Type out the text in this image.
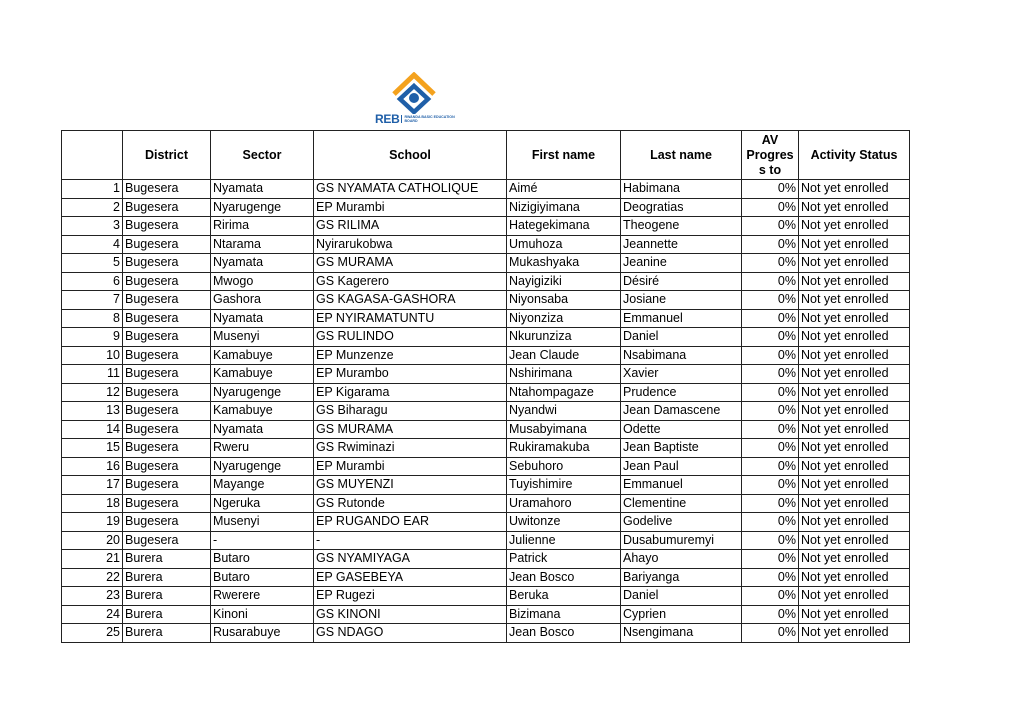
REB	RWANDA BASIC EDUCATION BOARD
	District	Sector	School	First name	Last name	AV Progres s to	Activity Status
1	Bugesera	Nyamata	GS NYAMATA CATHOLIQUE	Aimé	Habimana	0%	Not yet enrolled
2	Bugesera	Nyarugenge	EP Murambi	Nizigiyimana	Deogratias	0%	Not yet enrolled
3	Bugesera	Ririma	GS RILIMA	Hategekimana	Theogene	0%	Not yet enrolled
4	Bugesera	Ntarama	Nyirarukobwa	Umuhoza	Jeannette	0%	Not yet enrolled
5	Bugesera	Nyamata	GS MURAMA	Mukashyaka	Jeanine	0%	Not yet enrolled
6	Bugesera	Mwogo	GS Kagerero	Nayigiziki	Désiré	0%	Not yet enrolled
7	Bugesera	Gashora	GS KAGASA-GASHORA	Niyonsaba	Josiane	0%	Not yet enrolled
8	Bugesera	Nyamata	EP NYIRAMATUNTU	Niyonziza	Emmanuel	0%	Not yet enrolled
9	Bugesera	Musenyi	GS RULINDO	Nkurunziza	Daniel	0%	Not yet enrolled
10	Bugesera	Kamabuye	EP Munzenze	Jean Claude	Nsabimana	0%	Not yet enrolled
11	Bugesera	Kamabuye	EP Murambo	Nshirimana	Xavier	0%	Not yet enrolled
12	Bugesera	Nyarugenge	EP Kigarama	Ntahompagaze	Prudence	0%	Not yet enrolled
13	Bugesera	Kamabuye	GS Biharagu	Nyandwi	Jean Damascene	0%	Not yet enrolled
14	Bugesera	Nyamata	GS MURAMA	Musabyimana	Odette	0%	Not yet enrolled
15	Bugesera	Rweru	GS Rwiminazi	Rukiramakuba	Jean Baptiste	0%	Not yet enrolled
16	Bugesera	Nyarugenge	EP Murambi	Sebuhoro	Jean Paul	0%	Not yet enrolled
17	Bugesera	Mayange	GS MUYENZI	Tuyishimire	Emmanuel	0%	Not yet enrolled
18	Bugesera	Ngeruka	GS Rutonde	Uramahoro	Clementine	0%	Not yet enrolled
19	Bugesera	Musenyi	EP RUGANDO EAR	Uwitonze	Godelive	0%	Not yet enrolled
20	Bugesera	-	-	Julienne	Dusabumuremyi	0%	Not yet enrolled
21	Burera	Butaro	GS NYAMIYAGA	Patrick	Ahayo	0%	Not yet enrolled
22	Burera	Butaro	EP GASEBEYA	Jean Bosco	Bariyanga	0%	Not yet enrolled
23	Burera	Rwerere	EP Rugezi	Beruka	Daniel	0%	Not yet enrolled
24	Burera	Kinoni	GS KINONI	Bizimana	Cyprien	0%	Not yet enrolled
25	Burera	Rusarabuye	GS NDAGO	Jean Bosco	Nsengimana	0%	Not yet enrolled
